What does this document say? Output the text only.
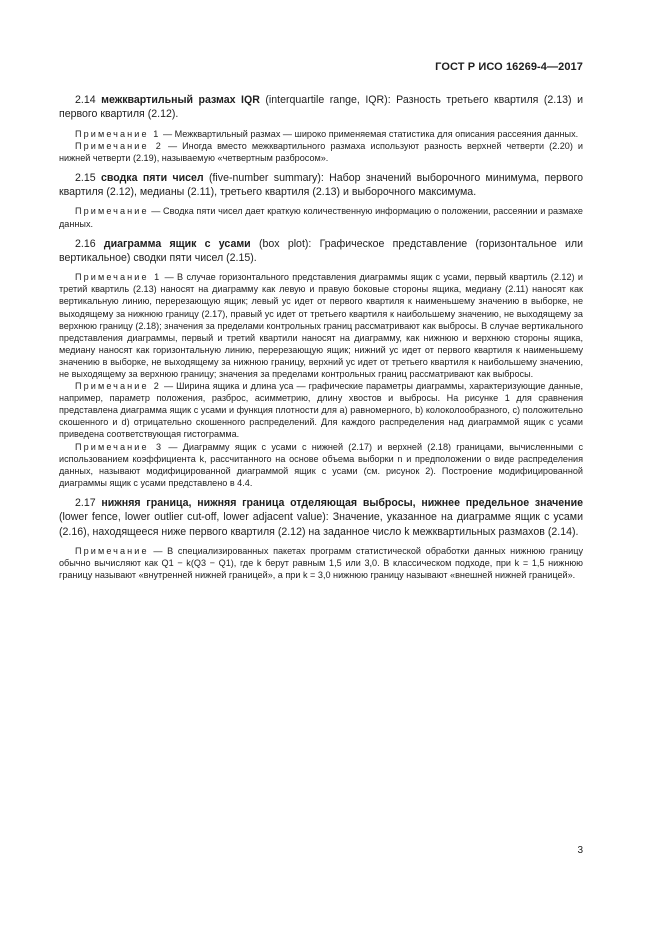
ГОСТ Р ИСО 16269-4—2017

2.14 межквартильный размах IQR (interquartile range, IQR): Разность третьего квартиля (2.13) и первого квартиля (2.12).

Примечание 1 — Межквартильный размах — широко применяемая статистика для описания рассеяния данных.

Примечание 2 — Иногда вместо межквартильного размаха используют разность верхней четверти (2.20) и нижней четверти (2.19), называемую «четвертным разбросом».

2.15 сводка пяти чисел (five-number summary): Набор значений выборочного минимума, первого квартиля (2.12), медианы (2.11), третьего квартиля (2.13) и выборочного максимума.

Примечание — Сводка пяти чисел дает краткую количественную информацию о положении, рассеянии и размахе данных.

2.16 диаграмма ящик с усами (box plot): Графическое представление (горизонтальное или вертикальное) сводки пяти чисел (2.15).

Примечание 1 — В случае горизонтального представления диаграммы ящик с усами, первый квартиль (2.12) и третий квартиль (2.13) наносят на диаграмму как левую и правую боковые стороны ящика, медиану (2.11) наносят как вертикальную линию, перерезающую ящик; левый ус идет от первого квартиля к наименьшему значению в выборке, не выходящему за нижнюю границу (2.17), правый ус идет от третьего квартиля к наибольшему значению, не выходящему за верхнюю границу (2.18); значения за пределами контрольных границ рассматривают как выбросы. В случае вертикального представления диаграммы, первый и третий квартили наносят на диаграмму, как нижнюю и верхнюю стороны ящика, медиану наносят как горизонтальную линию, перерезающую ящик; нижний ус идет от первого квартиля к наименьшему значению в выборке, не выходящему за нижнюю границу, верхний ус идет от третьего квартиля к наибольшему значению, не выходящему за верхнюю границу; значения за пределами контрольных границ рассматривают как выбросы.

Примечание 2 — Ширина ящика и длина уса — графические параметры диаграммы, характеризующие данные, например, параметр положения, разброс, асимметрию, длину хвостов и выбросы. На рисунке 1 для сравнения представлена диаграмма ящик с усами и функция плотности для a) равномерного, b) колоколообразного, c) положительно скошенного и d) отрицательно скошенного распределений. Для каждого распределения над диаграммой ящик с усами приведена соответствующая гистограмма.

Примечание 3 — Диаграмму ящик с усами с нижней (2.17) и верхней (2.18) границами, вычисленными с использованием коэффициента k, рассчитанного на основе объема выборки n и предположении о виде распределения данных, называют модифицированной диаграммой ящик с усами (см. рисунок 2). Построение модифицированной диаграммы ящик с усами представлено в 4.4.

2.17 нижняя граница, нижняя граница отделяющая выбросы, нижнее предельное значение (lower fence, lower outlier cut-off, lower adjacent value): Значение, указанное на диаграмме ящик с усами (2.16), находящееся ниже первого квартиля (2.12) на заданное число k межквартильных размахов (2.14).

Примечание — В специализированных пакетах программ статистической обработки данных нижнюю границу обычно вычисляют как Q1 − k(Q3 − Q1), где k берут равным 1,5 или 3,0. В классическом подходе, при k = 1,5 нижнюю границу называют «внутренней нижней границей», а при k = 3,0 нижнюю границу называют «внешней нижней границей».

3
